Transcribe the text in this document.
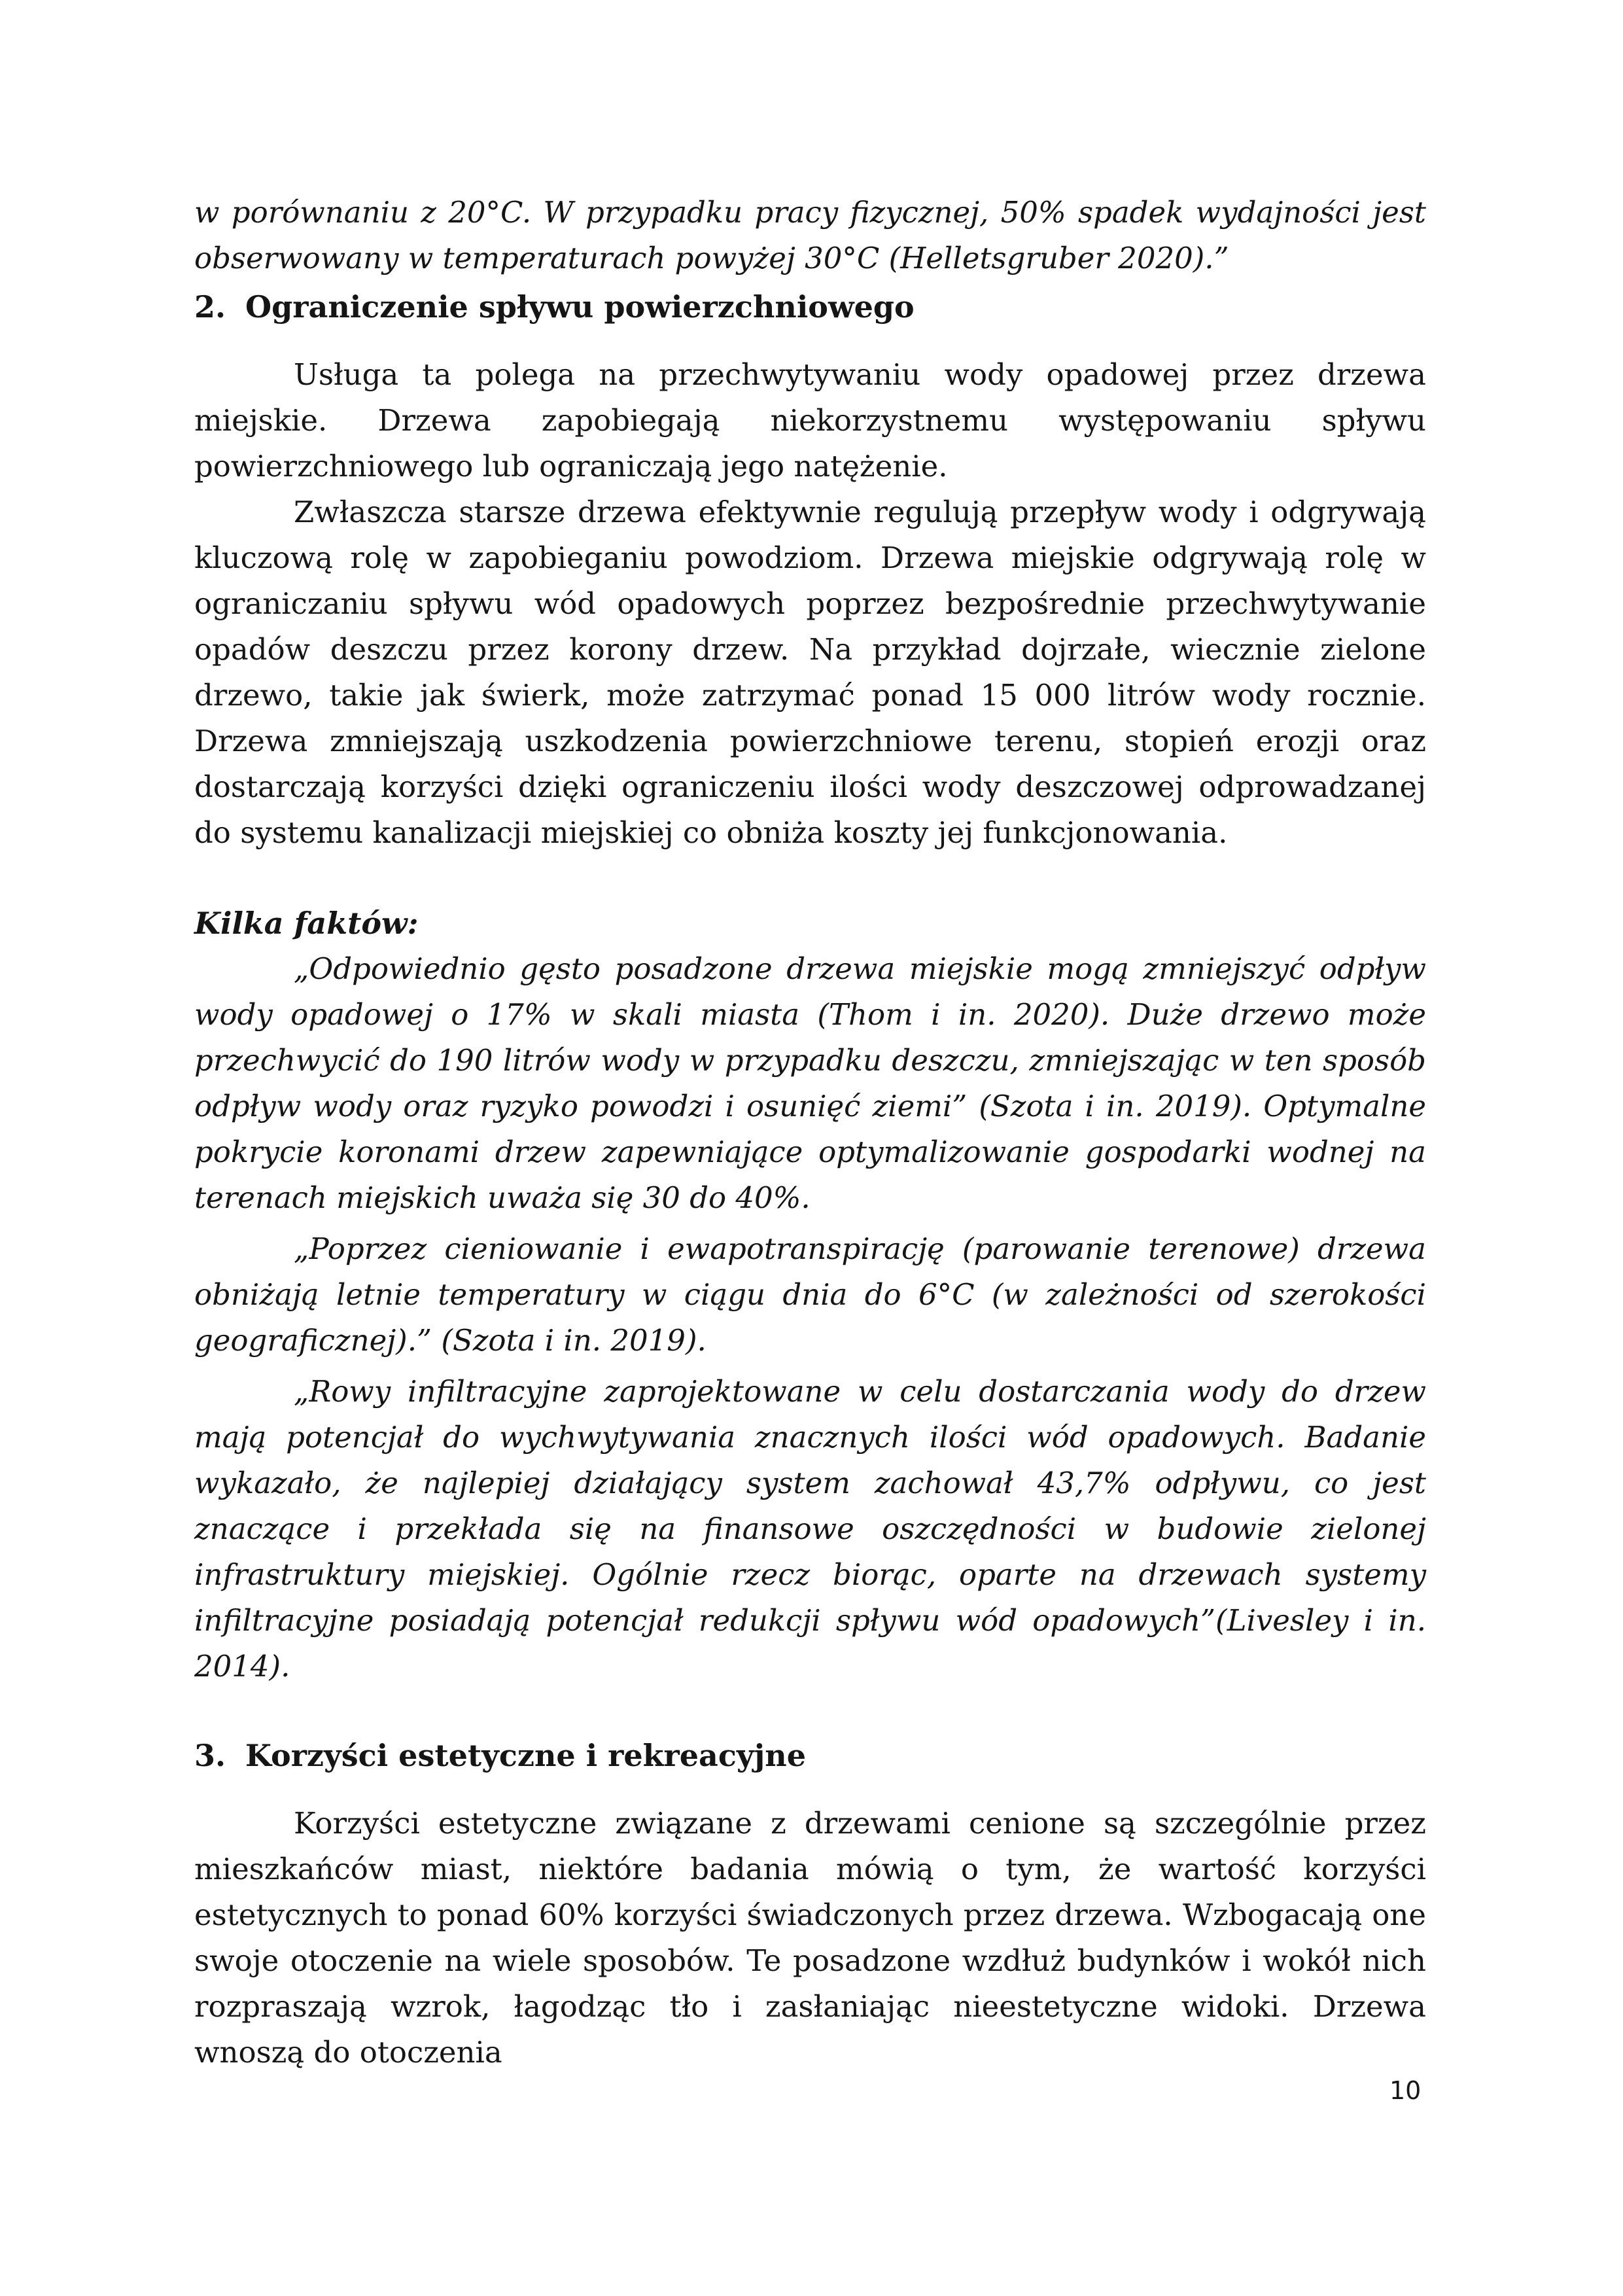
w porównaniu z 20°C. W przypadku pracy fizycznej, 50% spadek wydajności jest obserwowany w temperaturach powyżej 30°C (Helletsgruber 2020).”

2. Ograniczenie spływu powierzchniowego

Usługa ta polega na przechwytywaniu wody opadowej przez drzewa miejskie. Drzewa zapobiegają niekorzystnemu występowaniu spływu powierzchniowego lub ograniczają jego natężenie.

Zwłaszcza starsze drzewa efektywnie regulują przepływ wody i odgrywają kluczową rolę w zapobieganiu powodziom. Drzewa miejskie odgrywają rolę w ograniczaniu spływu wód opadowych poprzez bezpośrednie przechwytywanie opadów deszczu przez korony drzew. Na przykład dojrzałe, wiecznie zielone drzewo, takie jak świerk, może zatrzymać ponad 15 000 litrów wody rocznie. Drzewa zmniejszają uszkodzenia powierzchniowe terenu, stopień erozji oraz dostarczają korzyści dzięki ograniczeniu ilości wody deszczowej odprowadzanej do systemu kanalizacji miejskiej co obniża koszty jej funkcjonowania.

Kilka faktów:

„Odpowiednio gęsto posadzone drzewa miejskie mogą zmniejszyć odpływ wody opadowej o 17% w skali miasta (Thom i in. 2020). Duże drzewo może przechwycić do 190 litrów wody w przypadku deszczu, zmniejszając w ten sposób odpływ wody oraz ryzyko powodzi i osunięć ziemi” (Szota i in. 2019). Optymalne pokrycie koronami drzew zapewniające optymalizowanie gospodarki wodnej na terenach miejskich uważa się 30 do 40%.

„Poprzez cieniowanie i ewapotranspirację (parowanie terenowe) drzewa obniżają letnie temperatury w ciągu dnia do 6°C (w zależności od szerokości geograficznej).” (Szota i in. 2019).

„Rowy infiltracyjne zaprojektowane w celu dostarczania wody do drzew mają potencjał do wychwytywania znacznych ilości wód opadowych. Badanie wykazało, że najlepiej działający system zachował 43,7% odpływu, co jest znaczące i przekłada się na finansowe oszczędności w budowie zielonej infrastruktury miejskiej. Ogólnie rzecz biorąc, oparte na drzewach systemy infiltracyjne posiadają potencjał redukcji spływu wód opadowych”(Livesley i in. 2014).

3. Korzyści estetyczne i rekreacyjne

Korzyści estetyczne związane z drzewami cenione są szczególnie przez mieszkańców miast, niektóre badania mówią o tym, że wartość korzyści estetycznych to ponad 60% korzyści świadczonych przez drzewa. Wzbogacają one swoje otoczenie na wiele sposobów. Te posadzone wzdłuż budynków i wokół nich rozpraszają wzrok, łagodząc tło i zasłaniając nieestetyczne widoki. Drzewa wnoszą do otoczenia

10
